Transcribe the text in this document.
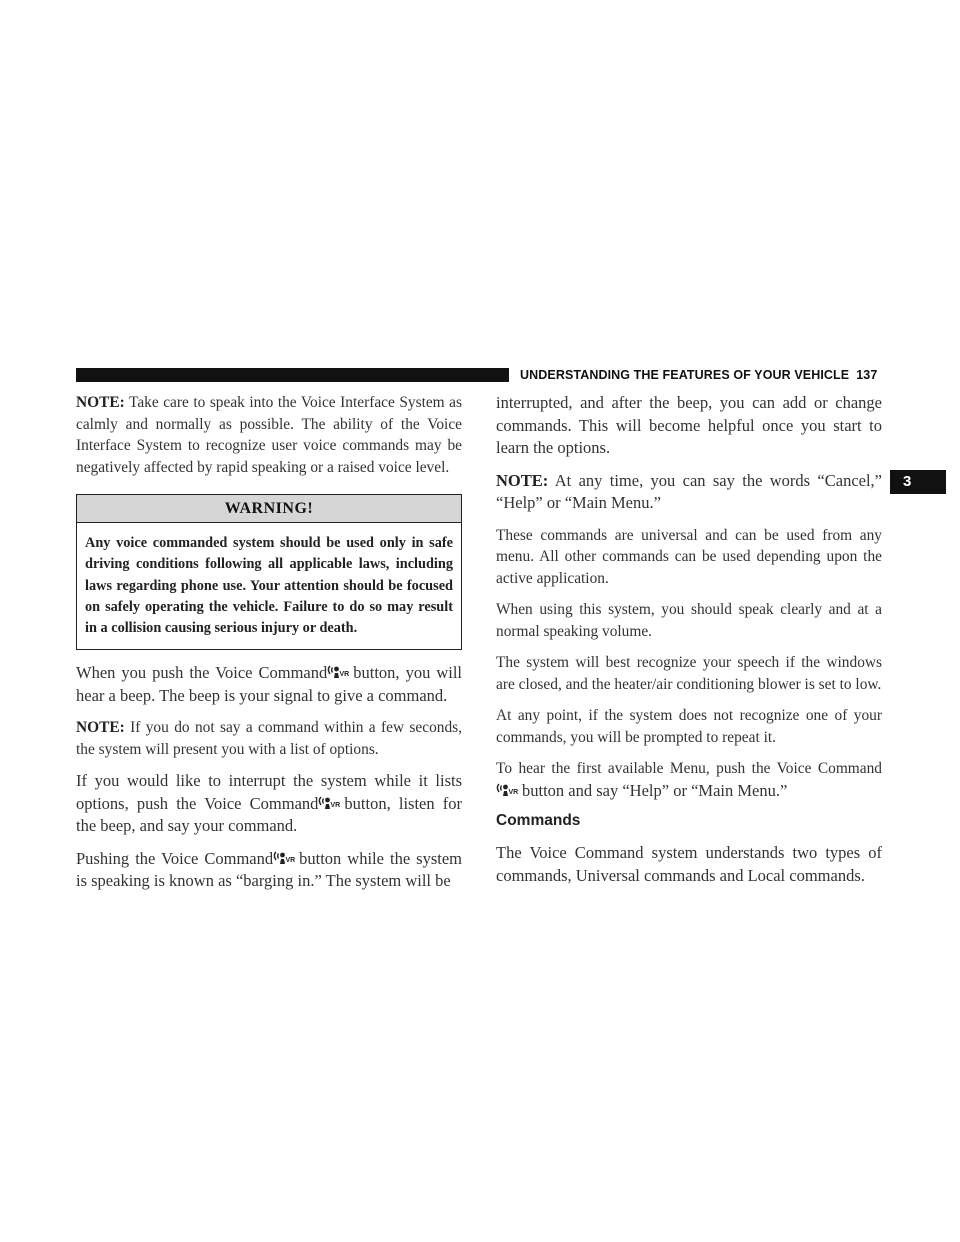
UNDERSTANDING THE FEATURES OF YOUR VEHICLE 137
3

NOTE: Take care to speak into the Voice Interface System as calmly and normally as possible. The ability of the Voice Interface System to recognize user voice commands may be negatively affected by rapid speaking or a raised voice level.

WARNING!
Any voice commanded system should be used only in safe driving conditions following all applicable laws, including laws regarding phone use. Your attention should be focused on safely operating the vehicle. Failure to do so may result in a collision causing serious injury or death.

When you push the Voice Command VR button, you will hear a beep. The beep is your signal to give a command.

NOTE: If you do not say a command within a few seconds, the system will present you with a list of options.

If you would like to interrupt the system while it lists options, push the Voice Command VR button, listen for the beep, and say your command.

Pushing the Voice Command VR button while the system is speaking is known as “barging in.” The system will be

interrupted, and after the beep, you can add or change commands. This will become helpful once you start to learn the options.

NOTE: At any time, you can say the words “Cancel,” “Help” or “Main Menu.”

These commands are universal and can be used from any menu. All other commands can be used depending upon the active application.

When using this system, you should speak clearly and at a normal speaking volume.

The system will best recognize your speech if the windows are closed, and the heater/air conditioning blower is set to low.

At any point, if the system does not recognize one of your commands, you will be prompted to repeat it.

To hear the first available Menu, push the Voice Command
VR button and say “Help” or “Main Menu.”

Commands

The Voice Command system understands two types of commands, Universal commands and Local commands.
